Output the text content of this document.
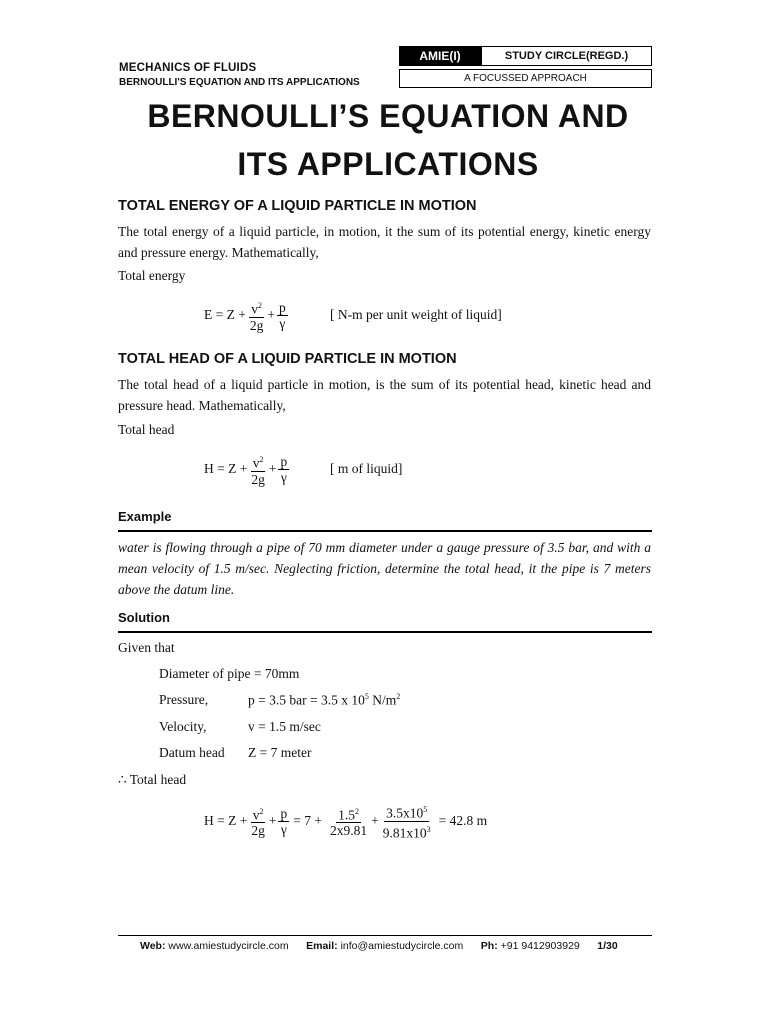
MECHANICS OF FLUIDS
BERNOULLI'S EQUATION AND ITS APPLICATIONS
AMIE(I)	STUDY CIRCLE(REGD.)
A FOCUSSED APPROACH
BERNOULLI’S EQUATION AND
ITS APPLICATIONS
TOTAL ENERGY OF A LIQUID PARTICLE IN MOTION
The total energy of a liquid particle, in motion, it the sum of its potential energy, kinetic energy and pressure energy. Mathematically,
Total energy
$E = Z + \frac{v^2}{2g} + \frac{p}{\gamma}$	[ N-m per unit weight of liquid]
TOTAL HEAD OF A LIQUID PARTICLE IN MOTION
The total head of a liquid particle in motion, is the sum of its potential head, kinetic head and pressure head. Mathematically,
Total head
$H = Z + \frac{v^2}{2g} + \frac{p}{\gamma}$	[ m of liquid]
Example
water is flowing through a pipe of 70 mm diameter under a gauge pressure of 3.5 bar, and with a mean velocity of 1.5 m/sec. Neglecting friction, determine the total head, it the pipe is 7 meters above the datum line.
Solution
Given that
Diameter of pipe = 70mm
Pressure,	p = 3.5 bar = 3.5 x $10^5$ $N/m^2$
Velocity,	v = 1.5 m/sec
Datum head Z = 7 meter
∴ Total head
$H = Z + \frac{v^2}{2g} + \frac{p}{\gamma} = 7 + \frac{1.5^2}{2x9.81} + \frac{3.5x10^5}{9.81x10^3} = 42.8$ m
Web: www.amiestudycircle.com Email: info@amiestudycircle.com Ph: +91 9412903929 1/30
